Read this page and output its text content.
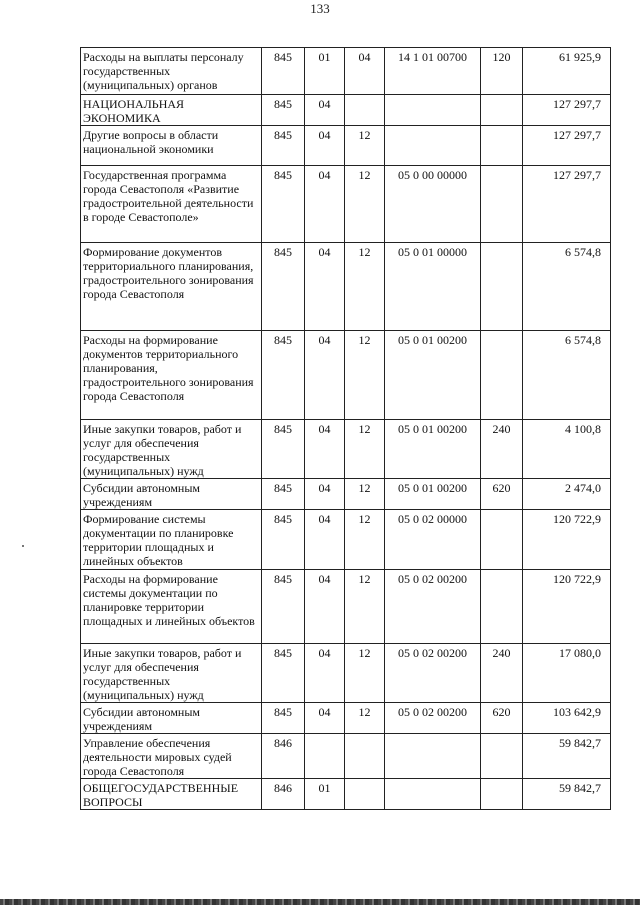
133
Расходы на выплаты персоналу государственных (муниципальных) органов	845	01	04	14 1 01 00700	120	61 925,9
НАЦИОНАЛЬНАЯ ЭКОНОМИКА	845	04				127 297,7
Другие вопросы в области национальной экономики	845	04	12			127 297,7
Государственная программа города Севастополя «Развитие градостроительной деятельности в городе Севастополе»	845	04	12	05 0 00 00000		127 297,7
Формирование документов территориального планирования, градостроительного зонирования города Севастополя	845	04	12	05 0 01 00000		6 574,8
Расходы на формирование документов территориального планирования, градостроительного зонирования города Севастополя	845	04	12	05 0 01 00200		6 574,8
Иные закупки товаров, работ и услуг для обеспечения государственных (муниципальных) нужд	845	04	12	05 0 01 00200	240	4 100,8
Субсидии автономным учреждениям	845	04	12	05 0 01 00200	620	2 474,0
Формирование системы документации по планировке территории площадных и линейных объектов	845	04	12	05 0 02 00000		120 722,9
Расходы на формирование системы документации по планировке территории площадных и линейных объектов	845	04	12	05 0 02 00200		120 722,9
Иные закупки товаров, работ и услуг для обеспечения государственных (муниципальных) нужд	845	04	12	05 0 02 00200	240	17 080,0
Субсидии автономным учреждениям	845	04	12	05 0 02 00200	620	103 642,9
Управление обеспечения деятельности мировых судей города Севастополя	846					59 842,7
ОБЩЕГОСУДАРСТВЕННЫЕ ВОПРОСЫ	846	01				59 842,7
